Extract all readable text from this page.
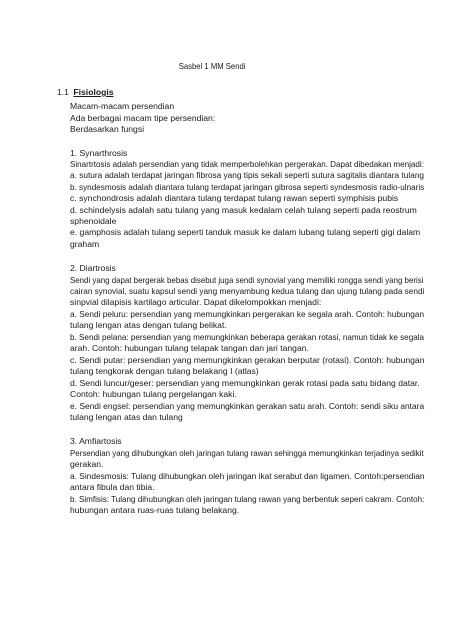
Sasbel 1 MM Sendi
1.1 Fisiologis
Macam-macam persendian
Ada berbagai macam tipe persendian:
Berdasarkan fungsi
1. Synarthrosis
Sinartrtosis adalah persendian yang tidak memperbolehkan pergerakan. Dapat dibedakan menjadi:
a. sutura adalah terdapat jaringan fibrosa yang tipis sekali seperti sutura sagitalis diantara tulang
b. syndesmosis adalah diantara tulang terdapat jaringan gibrosa seperti syndesmosis radio-ulnaris
c. synchondrosis adalah diantara tulang terdapat tulang rawan seperti symphisis pubis
d. schindelysis adalah satu tulang yang masuk kedalam celah tulang seperti pada reostrum
sphenoidale
e. gamphosis adalah tulang seperti tanduk masuk ke dalam lubang tulang seperti gigi dalam
graham
2. Diartrosis
Sendi yang dapat bergerak bebas disebut juga sendi synovial yang memiliki rongga sendi yang berisi
cairan synovial, suatu kapsul sendi yang menyambung kedua tulang dan ujung tulang pada sendi
sinpvial dilapisis kartilago articular. Dapat dikelompokkan menjadi:
a. Sendi peluru: persendian yang memungkinkan pergerakan ke segala arah. Contoh: hubungan
tulang lengan atas dengan tulang belikat.
b. Sendi pelana: persendian yang memungkinkan beberapa gerakan rotasi, namun tidak ke segala
arah. Contoh: hubungan tulang telapak tangan dan jari tangan.
c. Sendi putar: persendian yang memungkinkan gerakan berputar (rotasi). Contoh: hubungan
tulang tengkorak dengan tulang belakang I (atlas)
d. Sendi luncur/geser: persendian yang memungkinkan gerak rotasi pada satu bidang datar.
Contoh: hubungan tulang pergelangan kaki.
e. Sendi engsel: persendian yang memungkinkan gerakan satu arah. Contoh: sendi siku antara
tulang lengan atas dan tulang
3. Amfiartosis
Persendian yang dihubungkan oleh jaringan tulang rawan sehingga memungkinkan terjadinya sedikit
gerakan.
a. Sindesmosis: Tulang dihubungkan oleh jaringan ikat serabut dan ligamen. Contoh:persendian
antara fibula dan tibia.
b. Simfisis: Tulang dihubungkan oleh jaringan tulang rawan yang berbentuk seperi cakram. Contoh:
hubungan antara ruas-ruas tulang belakang.
